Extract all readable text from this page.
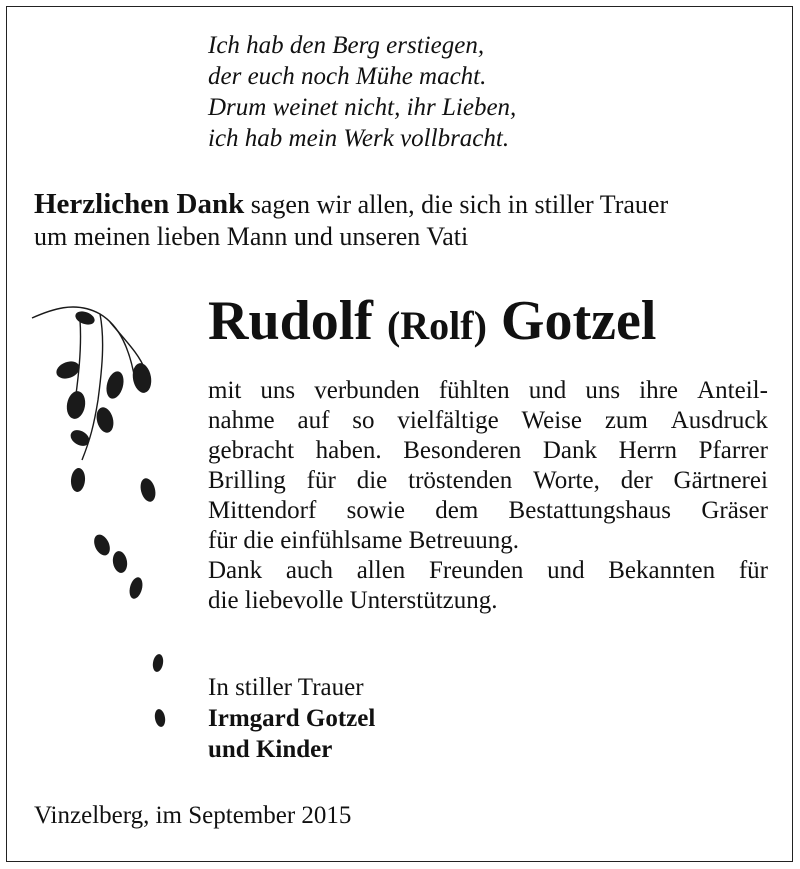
Ich hab den Berg erstiegen,
der euch noch Mühe macht.
Drum weinet nicht, ihr Lieben,
ich hab mein Werk vollbracht.
Herzlichen Dank sagen wir allen, die sich in stiller Trauer
um meinen lieben Mann und unseren Vati
Rudolf (Rolf) Gotzel
mit uns verbunden fühlten und uns ihre Anteil-
nahme auf so vielfältige Weise zum Ausdruck
gebracht haben. Besonderen Dank Herrn Pfarrer
Brilling für die tröstenden Worte, der Gärtnerei
Mittendorf sowie dem Bestattungshaus Gräser
für die einfühlsame Betreuung.
Dank auch allen Freunden und Bekannten für
die liebevolle Unterstützung.
In stiller Trauer
Irmgard Gotzel
und Kinder
Vinzelberg, im September 2015
